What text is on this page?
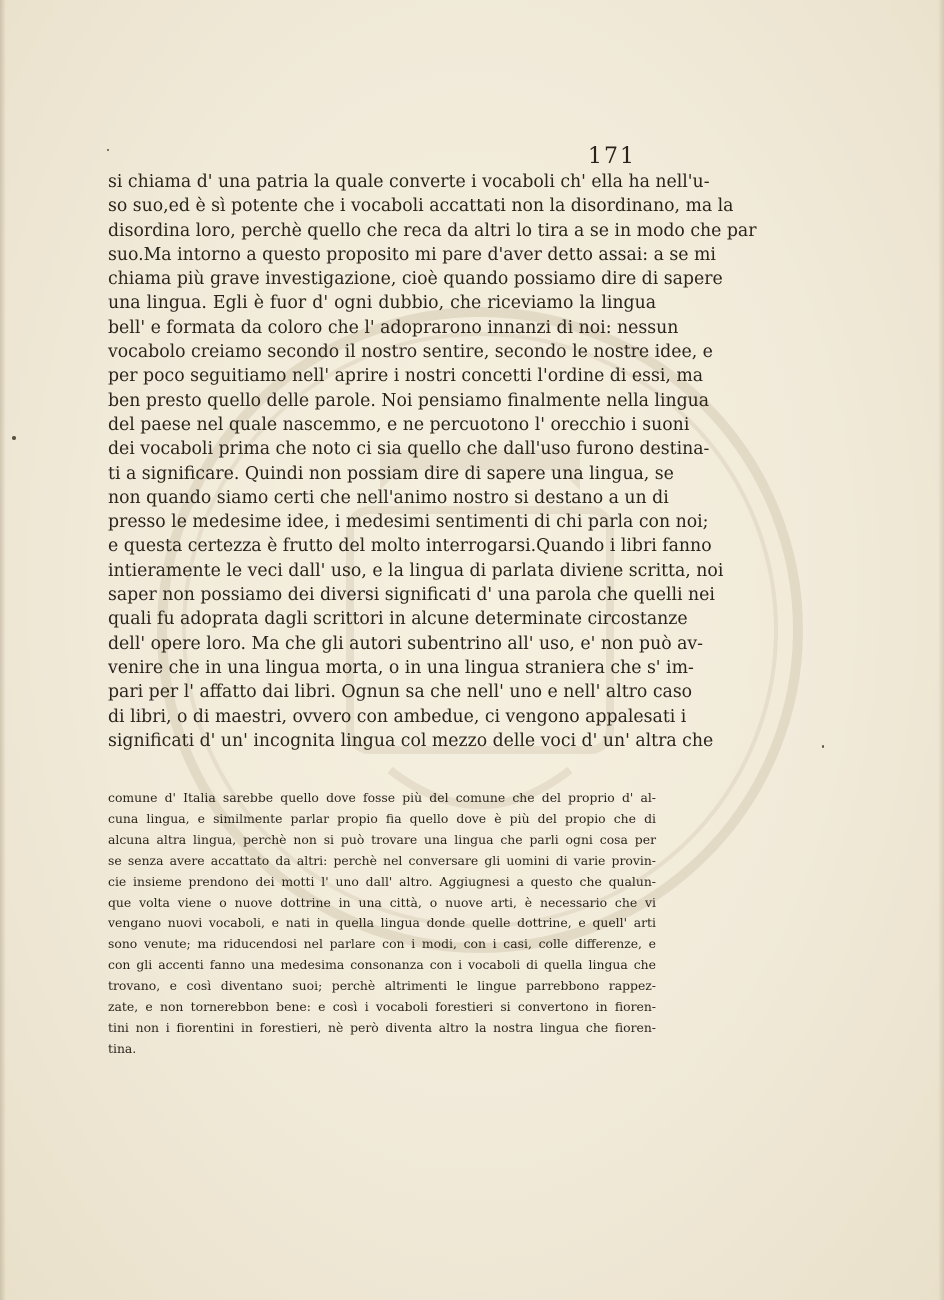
171
si chiama d' una patria la quale converte i vocaboli ch' ella ha nell'u-
so suo,ed è sì potente che i vocaboli accattati non la disordinano, ma la
disordina loro, perchè quello che reca da altri lo tira a se in modo che par
suo.Ma intorno a questo proposito mi pare d'aver detto assai: a se mi
chiama più grave investigazione, cioè quando possiamo dire di sapere
una lingua. Egli è fuor d' ogni dubbio, che riceviamo la lingua
bell' e formata da coloro che l' adoprarono innanzi di noi: nessun
vocabolo creiamo secondo il nostro sentire, secondo le nostre idee, e
per poco seguitiamo nell' aprire i nostri concetti l'ordine di essi, ma
ben presto quello delle parole. Noi pensiamo finalmente nella lingua
del paese nel quale nascemmo, e ne percuotono l' orecchio i suoni
dei vocaboli prima che noto ci sia quello che dall'uso furono destina-
ti a significare. Quindi non possiam dire di sapere una lingua, se
non quando siamo certi che nell'animo nostro si destano a un di
presso le medesime idee, i medesimi sentimenti di chi parla con noi;
e questa certezza è frutto del molto interrogarsi.Quando i libri fanno
intieramente le veci dall' uso, e la lingua di parlata diviene scritta, noi
saper non possiamo dei diversi significati d' una parola che quelli nei
quali fu adoprata dagli scrittori in alcune determinate circostanze
dell' opere loro. Ma che gli autori subentrino all' uso, e' non può av-
venire che in una lingua morta, o in una lingua straniera che s' im-
pari per l' affatto dai libri. Ognun sa che nell' uno e nell' altro caso
di libri, o di maestri, ovvero con ambedue, ci vengono appalesati i
significati d' un' incognita lingua col mezzo delle voci d' un' altra che
comune d' Italia sarebbe quello dove fosse più del comune che del proprio d' al-
cuna lingua, e similmente parlar propio fia quello dove è più del propio che di
alcuna altra lingua, perchè non si può trovare una lingua che parli ogni cosa per
se senza avere accattato da altri: perchè nel conversare gli uomini di varie provin-
cie insieme prendono dei motti l' uno dall' altro. Aggiugnesi a questo che qualun-
que volta viene o nuove dottrine in una città, o nuove arti, è necessario che vi
vengano nuovi vocaboli, e nati in quella lingua donde quelle dottrine, e quell' arti
sono venute; ma riducendosi nel parlare con i modi, con i casi, colle differenze, e
con gli accenti fanno una medesima consonanza con i vocaboli di quella lingua che
trovano, e così diventano suoi; perchè altrimenti le lingue parrebbono rappez-
zate, e non tornerebbon bene: e così i vocaboli forestieri si convertono in fioren-
tini non i fiorentini in forestieri, nè però diventa altro la nostra lingua che fioren-
tina.
